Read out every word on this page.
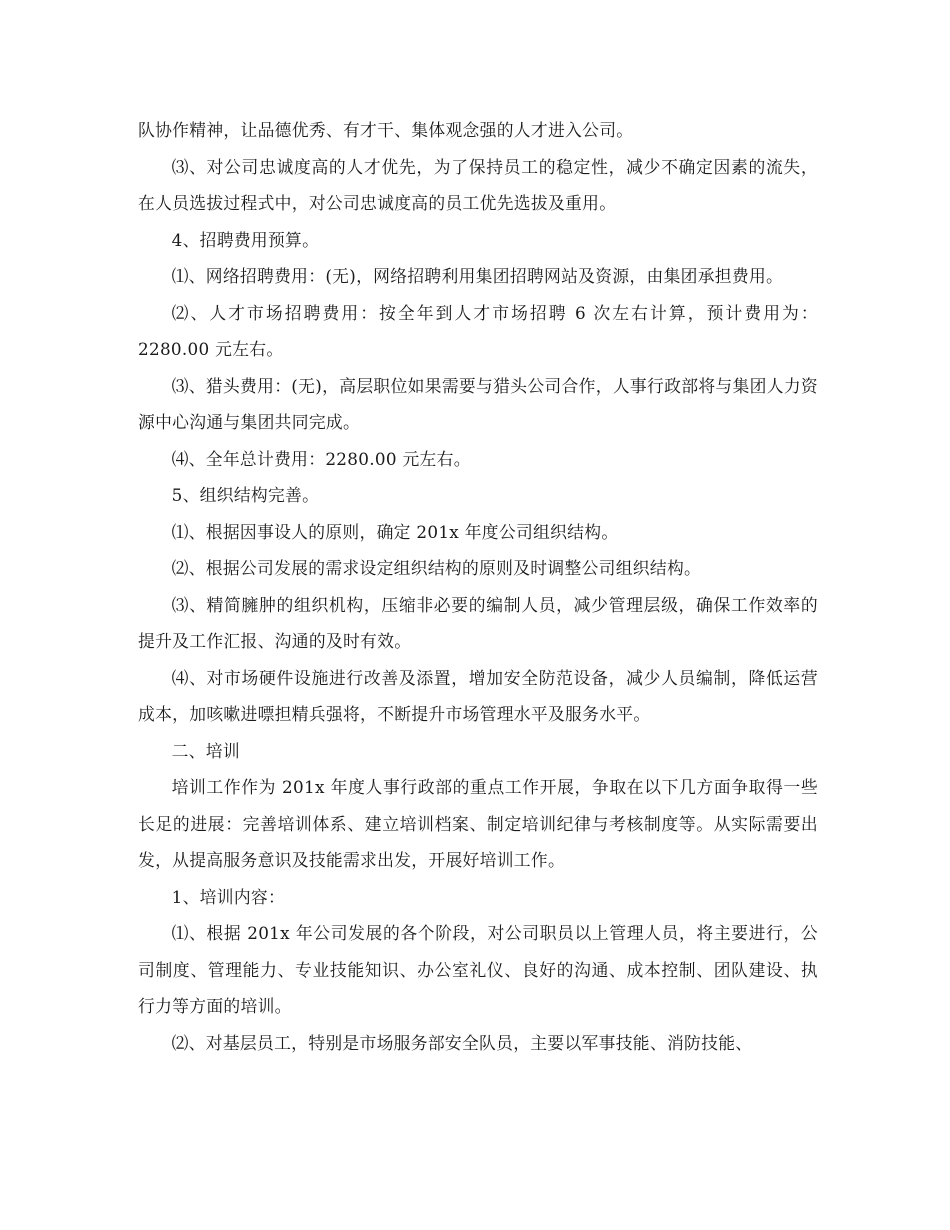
队协作精神，让品德优秀、有才干、集体观念强的人才进入公司。

⑶、对公司忠诚度高的人才优先，为了保持员工的稳定性，减少不确定因素的流失，在人员选拔过程式中，对公司忠诚度高的员工优先选拔及重用。

4、招聘费用预算。

⑴、网络招聘费用：(无)，网络招聘利用集团招聘网站及资源，由集团承担费用。

⑵、人才市场招聘费用：按全年到人才市场招聘 6 次左右计算，预计费用为：2280.00 元左右。

⑶、猎头费用：(无)，高层职位如果需要与猎头公司合作，人事行政部将与集团人力资源中心沟通与集团共同完成。

⑷、全年总计费用：2280.00 元左右。

5、组织结构完善。

⑴、根据因事设人的原则，确定 201x 年度公司组织结构。

⑵、根据公司发展的需求设定组织结构的原则及时调整公司组织结构。

⑶、精简臃肿的组织机构，压缩非必要的编制人员，减少管理层级，确保工作效率的提升及工作汇报、沟通的及时有效。

⑷、对市场硬件设施进行改善及添置，增加安全防范设备，减少人员编制，降低运营成本，加咳嗽进嘌担精兵强将，不断提升市场管理水平及服务水平。

二、培训

培训工作作为 201x 年度人事行政部的重点工作开展，争取在以下几方面争取得一些长足的进展：完善培训体系、建立培训档案、制定培训纪律与考核制度等。从实际需要出发，从提高服务意识及技能需求出发，开展好培训工作。

1、培训内容：

⑴、根据 201x 年公司发展的各个阶段，对公司职员以上管理人员，将主要进行，公司制度、管理能力、专业技能知识、办公室礼仪、良好的沟通、成本控制、团队建设、执行力等方面的培训。

⑵、对基层员工，特别是市场服务部安全队员，主要以军事技能、消防技能、
